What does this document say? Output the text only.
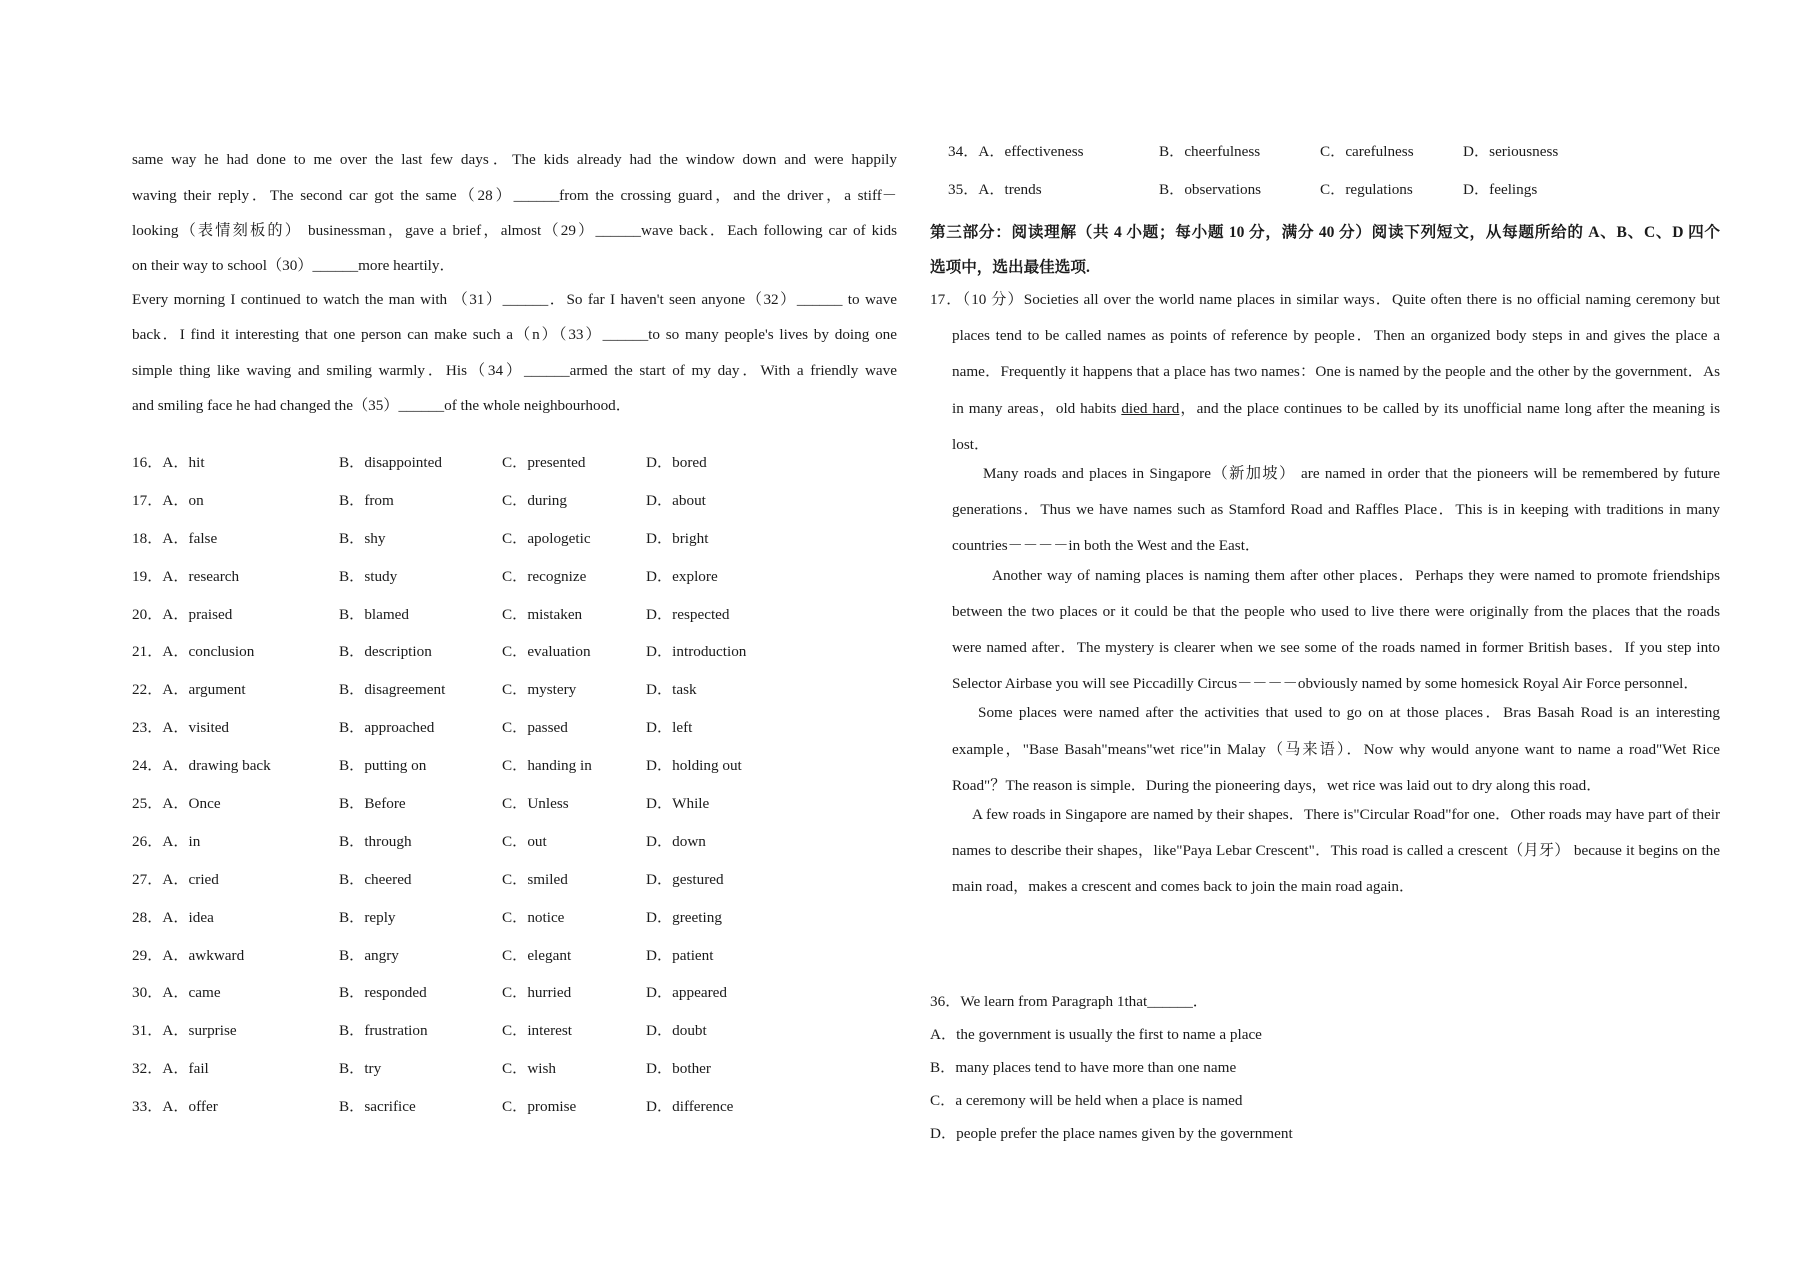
same way he had done to me over the last few days．The kids already had the window down and were happily

waving their reply．The second car got the same（28）______from the crossing guard，and the driver，a stiff－

looking（表情刻板的） businessman，gave a brief，almost（29）______wave back．Each following car of kids

on their way to school（30）______more heartily．

Every morning I continued to watch the man with （31）______．So far I haven't seen anyone（32）______ to wave

back．I find it interesting that one person can make such a（n）（33）______to so many people's lives by doing one

simple thing like waving and smiling warmly．His（34）______armed the start of my day．With a friendly wave

and smiling face he had changed the（35）______of the whole neighbourhood．

16．A．hit	B．disappointed	C．presented	D．bored
17．A．on	B．from	C．during	D．about
18．A．false	B．shy	C．apologetic	D．bright
19．A．research	B．study	C．recognize	D．explore
20．A．praised	B．blamed	C．mistaken	D．respected
21．A．conclusion	B．description	C．evaluation	D．introduction
22．A．argument	B．disagreement	C．mystery	D．task
23．A．visited	B．approached	C．passed	D．left
24．A．drawing back	B．putting on	C．handing in	D．holding out
25．A．Once	B．Before	C．Unless	D．While
26．A．in	B．through	C．out	D．down
27．A．cried	B．cheered	C．smiled	D．gestured
28．A．idea	B．reply	C．notice	D．greeting
29．A．awkward	B．angry	C．elegant	D．patient
30．A．came	B．responded	C．hurried	D．appeared
31．A．surprise	B．frustration	C．interest	D．doubt
32．A．fail	B．try	C．wish	D．bother
33．A．offer	B．sacrifice	C．promise	D．difference
34．A．effectiveness	B．cheerfulness	C．carefulness	D．seriousness
35．A．trends	B．observations	C．regulations	D．feelings
第三部分：阅读理解（共 4 小题；每小题 10 分，满分 40 分）阅读下列短文，从每题所给的 A、B、C、D 四个
选项中，选出最佳选项.

17．（10 分）Societies all over the world name places in similar ways．Quite often there is no official naming ceremony but places tend to be called names as points of reference by people．Then an organized body steps in and gives the place a name．Frequently it happens that a place has two names：One is named by the people and the other by the government．As in many areas，old habits died hard，and the place continues to be called by its unofficial name long after the meaning is lost．

Many roads and places in Singapore（新加坡） are named in order that the pioneers will be remembered by future generations．Thus we have names such as Stamford Road and Raffles Place．This is in keeping with traditions in many countries－－－－in both the West and the East．

Another way of naming places is naming them after other places．Perhaps they were named to promote friendships between the two places or it could be that the people who used to live there were originally from the places that the roads were named after．The mystery is clearer when we see some of the roads named in former British bases．If you step into Selector Airbase you will see Piccadilly Circus－－－－obviously named by some homesick Royal Air Force personnel．

Some places were named after the activities that used to go on at those places．Bras Basah Road is an interesting example，"Base Basah"means"wet rice"in Malay（马来语）．Now why would anyone want to name a road"Wet Rice Road"？The reason is simple．During the pioneering days，wet rice was laid out to dry along this road．

A few roads in Singapore are named by their shapes．There is"Circular Road"for one．Other roads may have part of their names to describe their shapes，like"Paya Lebar Crescent"．This road is called a crescent（月牙） because it begins on the main road，makes a crescent and comes back to join the main road again．

36．We learn from Paragraph 1that______．
A．the government is usually the first to name a place
B．many places tend to have more than one name
C．a ceremony will be held when a place is named
D．people prefer the place names given by the government
